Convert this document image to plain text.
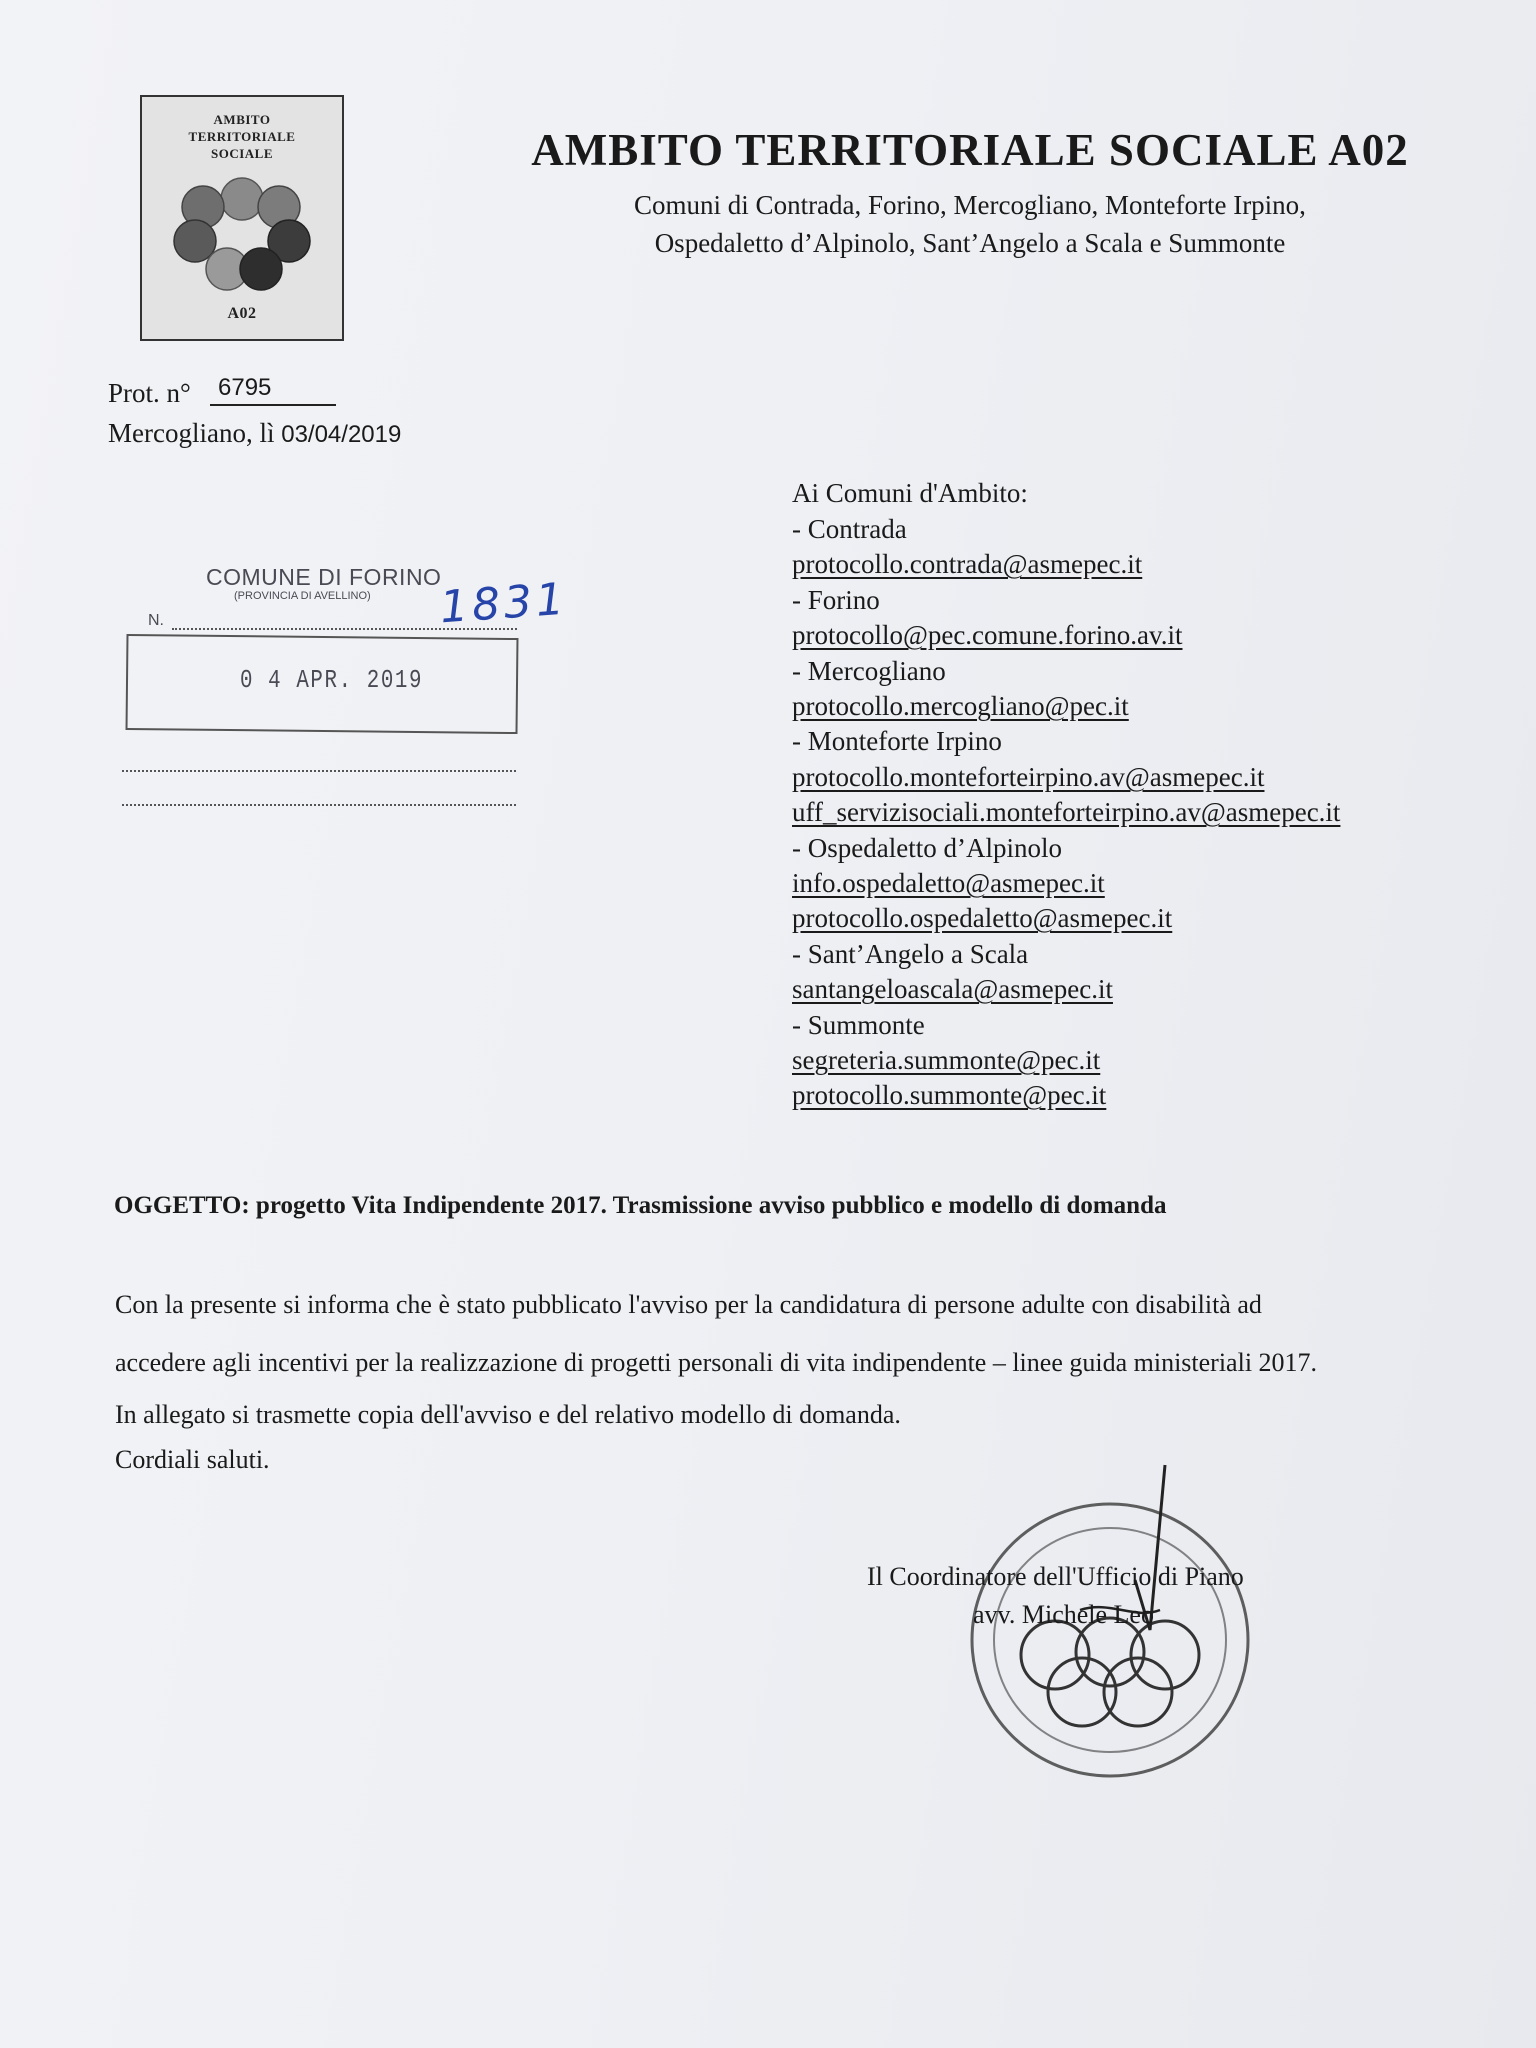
AMBITO
TERRITORIALE
SOCIALE
A02
AMBITO TERRITORIALE SOCIALE A02
Comuni di Contrada, Forino, Mercogliano, Monteforte Irpino,
Ospedaletto d’Alpinolo, Sant’Angelo a Scala e Summonte
Prot. n°	6795
Mercogliano, lì 03/04/2019
COMUNE DI FORINO
(PROVINCIA DI AVELLINO)
N.	1831
0 4 APR. 2019
Ai Comuni d'Ambito:
- Contrada
protocollo.contrada@asmepec.it
- Forino
protocollo@pec.comune.forino.av.it
- Mercogliano
protocollo.mercogliano@pec.it
- Monteforte Irpino
protocollo.monteforteirpino.av@asmepec.it
uff_servizisociali.monteforteirpino.av@asmepec.it
- Ospedaletto d’Alpinolo
info.ospedaletto@asmepec.it
protocollo.ospedaletto@asmepec.it
- Sant’Angelo a Scala
santangeloascala@asmepec.it
- Summonte
segreteria.summonte@pec.it
protocollo.summonte@pec.it
OGGETTO: progetto Vita Indipendente 2017. Trasmissione avviso pubblico e modello di domanda
Con la presente si informa che è stato pubblicato l'avviso per la candidatura di persone adulte con disabilità ad
accedere agli incentivi per la realizzazione di progetti personali di vita indipendente – linee guida ministeriali 2017.
In allegato si trasmette copia dell'avviso e del relativo modello di domanda.
Cordiali saluti.
Il Coordinatore dell'Ufficio di Piano
avv. Michele Leo
